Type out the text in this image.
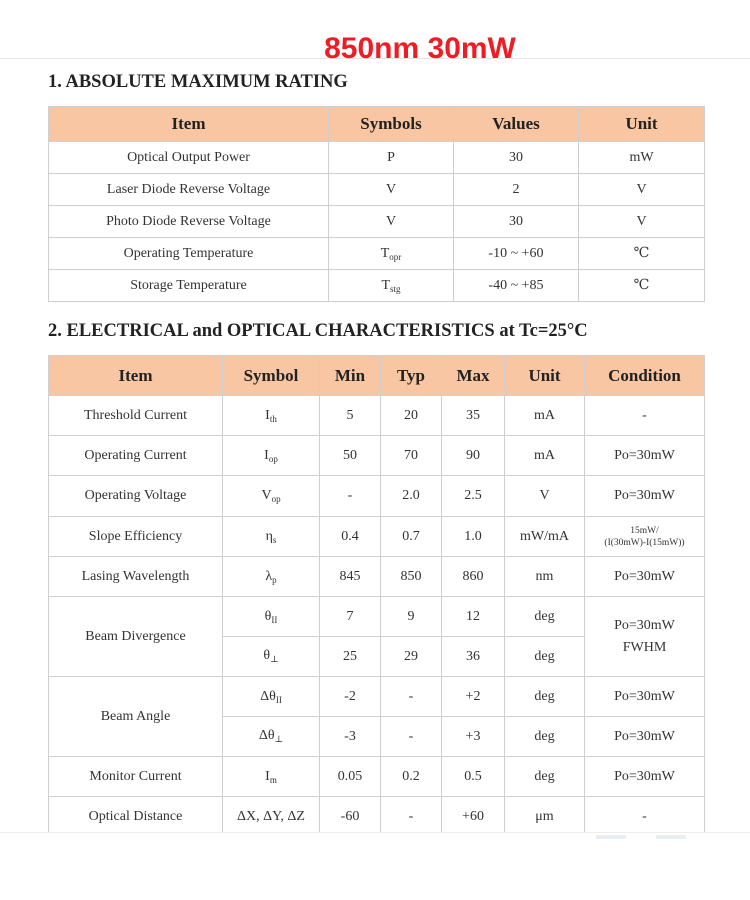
850nm 30mW
1. ABSOLUTE MAXIMUM RATING
Item	Symbols	Values	Unit
Optical Output Power	P	30	mW
Laser Diode Reverse Voltage	V	2	V
Photo Diode Reverse Voltage	V	30	V
Operating Temperature	$T_{opr}$	-10 ~ +60	℃
Storage Temperature	$T_{stg}$	-40 ~ +85	℃
2. ELECTRICAL and OPTICAL CHARACTERISTICS at Tc=25°C
Item	Symbol	Min	Typ	Max	Unit	Condition
Threshold Current	$I_{th}$	5	20	35	mA	-
Operating Current	$I_{op}$	50	70	90	mA	Po=30mW
Operating Voltage	$V_{op}$	-	2.0	2.5	V	Po=30mW
Slope Efficiency	$\eta_s$	0.4	0.7	1.0	mW/mA	15mW/
(I(30mW)-I(15mW))

Lasing Wavelength	$\lambda_p$	845	850	860	nm	Po=30mW
Beam Divergence	$\theta_{II}$	7	9	12	deg	Po=30mW
FWHM

	$\theta_\perp$	25	29	36	deg	
Beam Angle	$\Delta\theta_{II}$	-2	-	+2	deg	Po=30mW
	$\Delta\theta_\perp$	-3	-	+3	deg	Po=30mW
Monitor Current	$I_m$	0.05	0.2	0.5	deg	Po=30mW
Optical Distance	ΔX, ΔY, ΔZ	-60	-	+60	μm	-
